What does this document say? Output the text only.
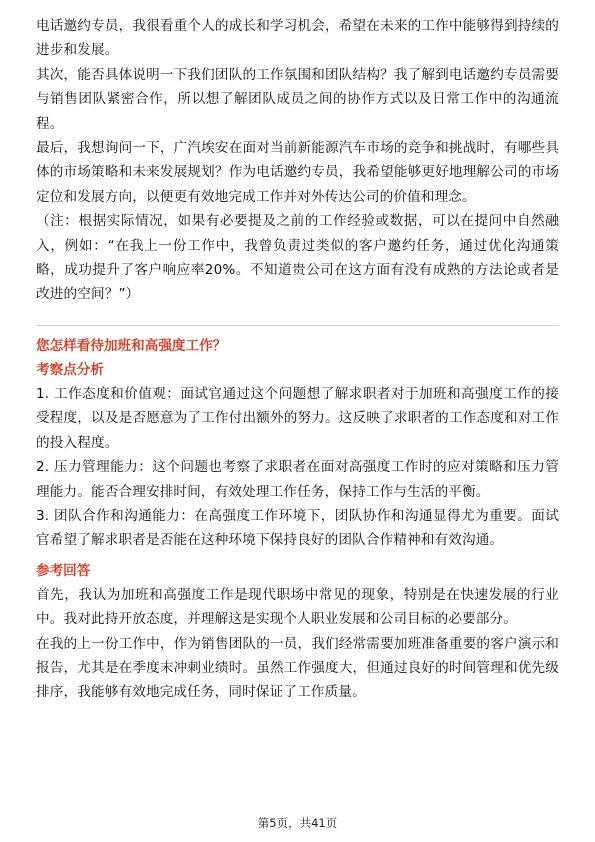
电话邀约专员，我很看重个人的成长和学习机会，希望在未来的工作中能够得到持续的进步和发展。

其次，能否具体说明一下我们团队的工作氛围和团队结构？我了解到电话邀约专员需要与销售团队紧密合作，所以想了解团队成员之间的协作方式以及日常工作中的沟通流程。

最后，我想询问一下，广汽埃安在面对当前新能源汽车市场的竞争和挑战时，有哪些具体的市场策略和未来发展规划？作为电话邀约专员，我希望能够更好地理解公司的市场定位和发展方向，以便更有效地完成工作并对外传达公司的价值和理念。

（注：根据实际情况，如果有必要提及之前的工作经验或数据，可以在提问中自然融入，例如：“在我上一份工作中，我曾负责过类似的客户邀约任务，通过优化沟通策略，成功提升了客户响应率20%。不知道贵公司在这方面有没有成熟的方法论或者是改进的空间？”）

您怎样看待加班和高强度工作？

考察点分析

1. 工作态度和价值观：面试官通过这个问题想了解求职者对于加班和高强度工作的接受程度，以及是否愿意为了工作付出额外的努力。这反映了求职者的工作态度和对工作的投入程度。

2. 压力管理能力：这个问题也考察了求职者在面对高强度工作时的应对策略和压力管理能力。能否合理安排时间，有效处理工作任务，保持工作与生活的平衡。

3. 团队合作和沟通能力：在高强度工作环境下，团队协作和沟通显得尤为重要。面试官希望了解求职者是否能在这种环境下保持良好的团队合作精神和有效沟通。

参考回答

首先，我认为加班和高强度工作是现代职场中常见的现象，特别是在快速发展的行业中。我对此持开放态度，并理解这是实现个人职业发展和公司目标的必要部分。

在我的上一份工作中，作为销售团队的一员，我们经常需要加班准备重要的客户演示和报告，尤其是在季度末冲刺业绩时。虽然工作强度大，但通过良好的时间管理和优先级排序，我能够有效地完成任务，同时保证了工作质量。

第5页，共41页
